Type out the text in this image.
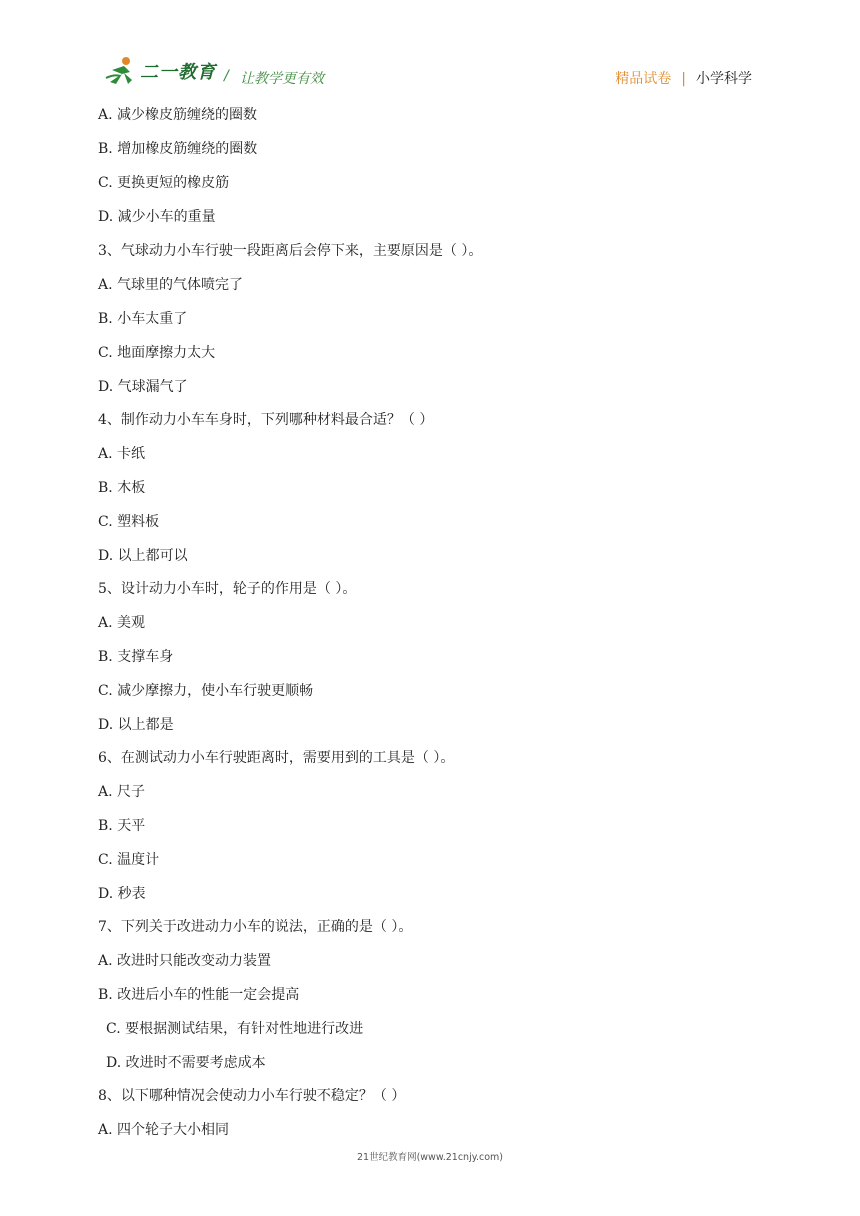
二一教育 / 让教学更有效	精品试卷 | 小学科学
A. 减少橡皮筋缠绕的圈数
B. 增加橡皮筋缠绕的圈数
C. 更换更短的橡皮筋
D. 减少小车的重量
3、气球动力小车行驶一段距离后会停下来，主要原因是（ ）。
A. 气球里的气体喷完了
B. 小车太重了
C. 地面摩擦力太大
D. 气球漏气了
4、制作动力小车车身时，下列哪种材料最合适？（ ）
A. 卡纸
B. 木板
C. 塑料板
D. 以上都可以
5、设计动力小车时，轮子的作用是（ ）。
A. 美观
B. 支撑车身
C. 减少摩擦力，使小车行驶更顺畅
D. 以上都是
6、在测试动力小车行驶距离时，需要用到的工具是（ ）。
A. 尺子
B. 天平
C. 温度计
D. 秒表
7、下列关于改进动力小车的说法，正确的是（ ）。
A. 改进时只能改变动力装置
B. 改进后小车的性能一定会提高
C. 要根据测试结果，有针对性地进行改进
D. 改进时不需要考虑成本
8、以下哪种情况会使动力小车行驶不稳定？（ ）
A. 四个轮子大小相同
21世纪教育网(www.21cnjy.com)
